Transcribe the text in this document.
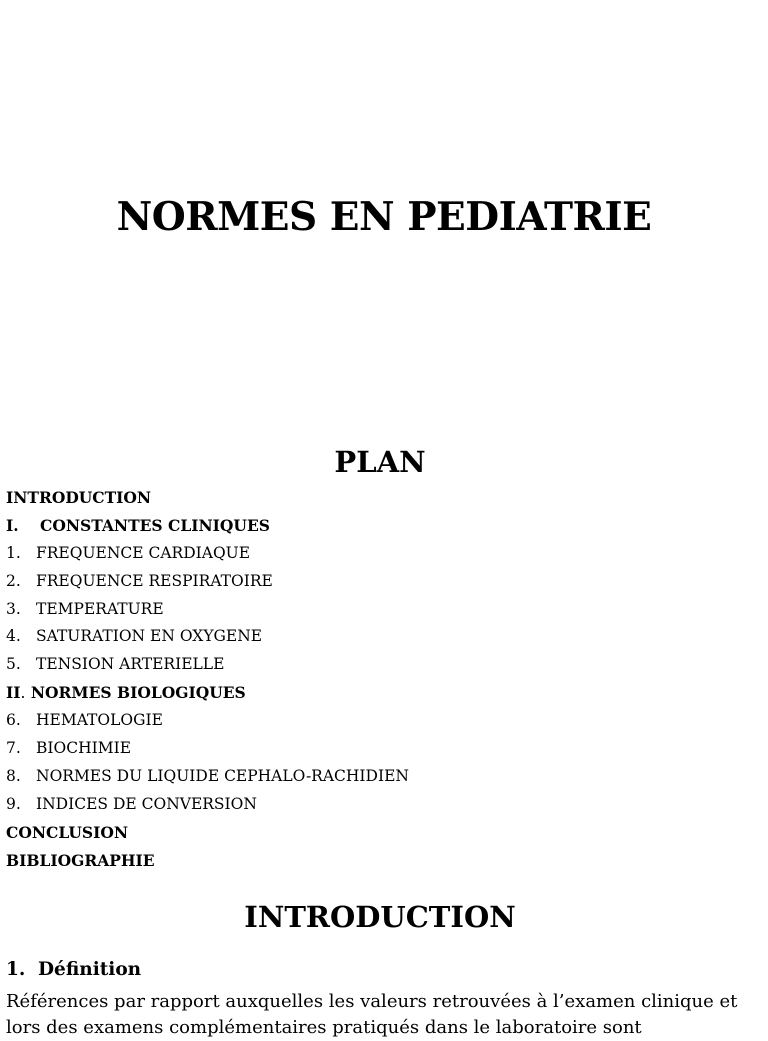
NORMES EN PEDIATRIE
PLAN
INTRODUCTION
I. CONSTANTES CLINIQUES
1. FREQUENCE CARDIAQUE
2. FREQUENCE RESPIRATOIRE
3. TEMPERATURE
4. SATURATION EN OXYGENE
5. TENSION ARTERIELLE
II. NORMES BIOLOGIQUES
6. HEMATOLOGIE
7. BIOCHIMIE
8. NORMES DU LIQUIDE CEPHALO-RACHIDIEN
9. INDICES DE CONVERSION
CONCLUSION
BIBLIOGRAPHIE
INTRODUCTION
1. Définition
Références par rapport auxquelles les valeurs retrouvées à l’examen clinique et
lors des examens complémentaires pratiqués dans le laboratoire sont
